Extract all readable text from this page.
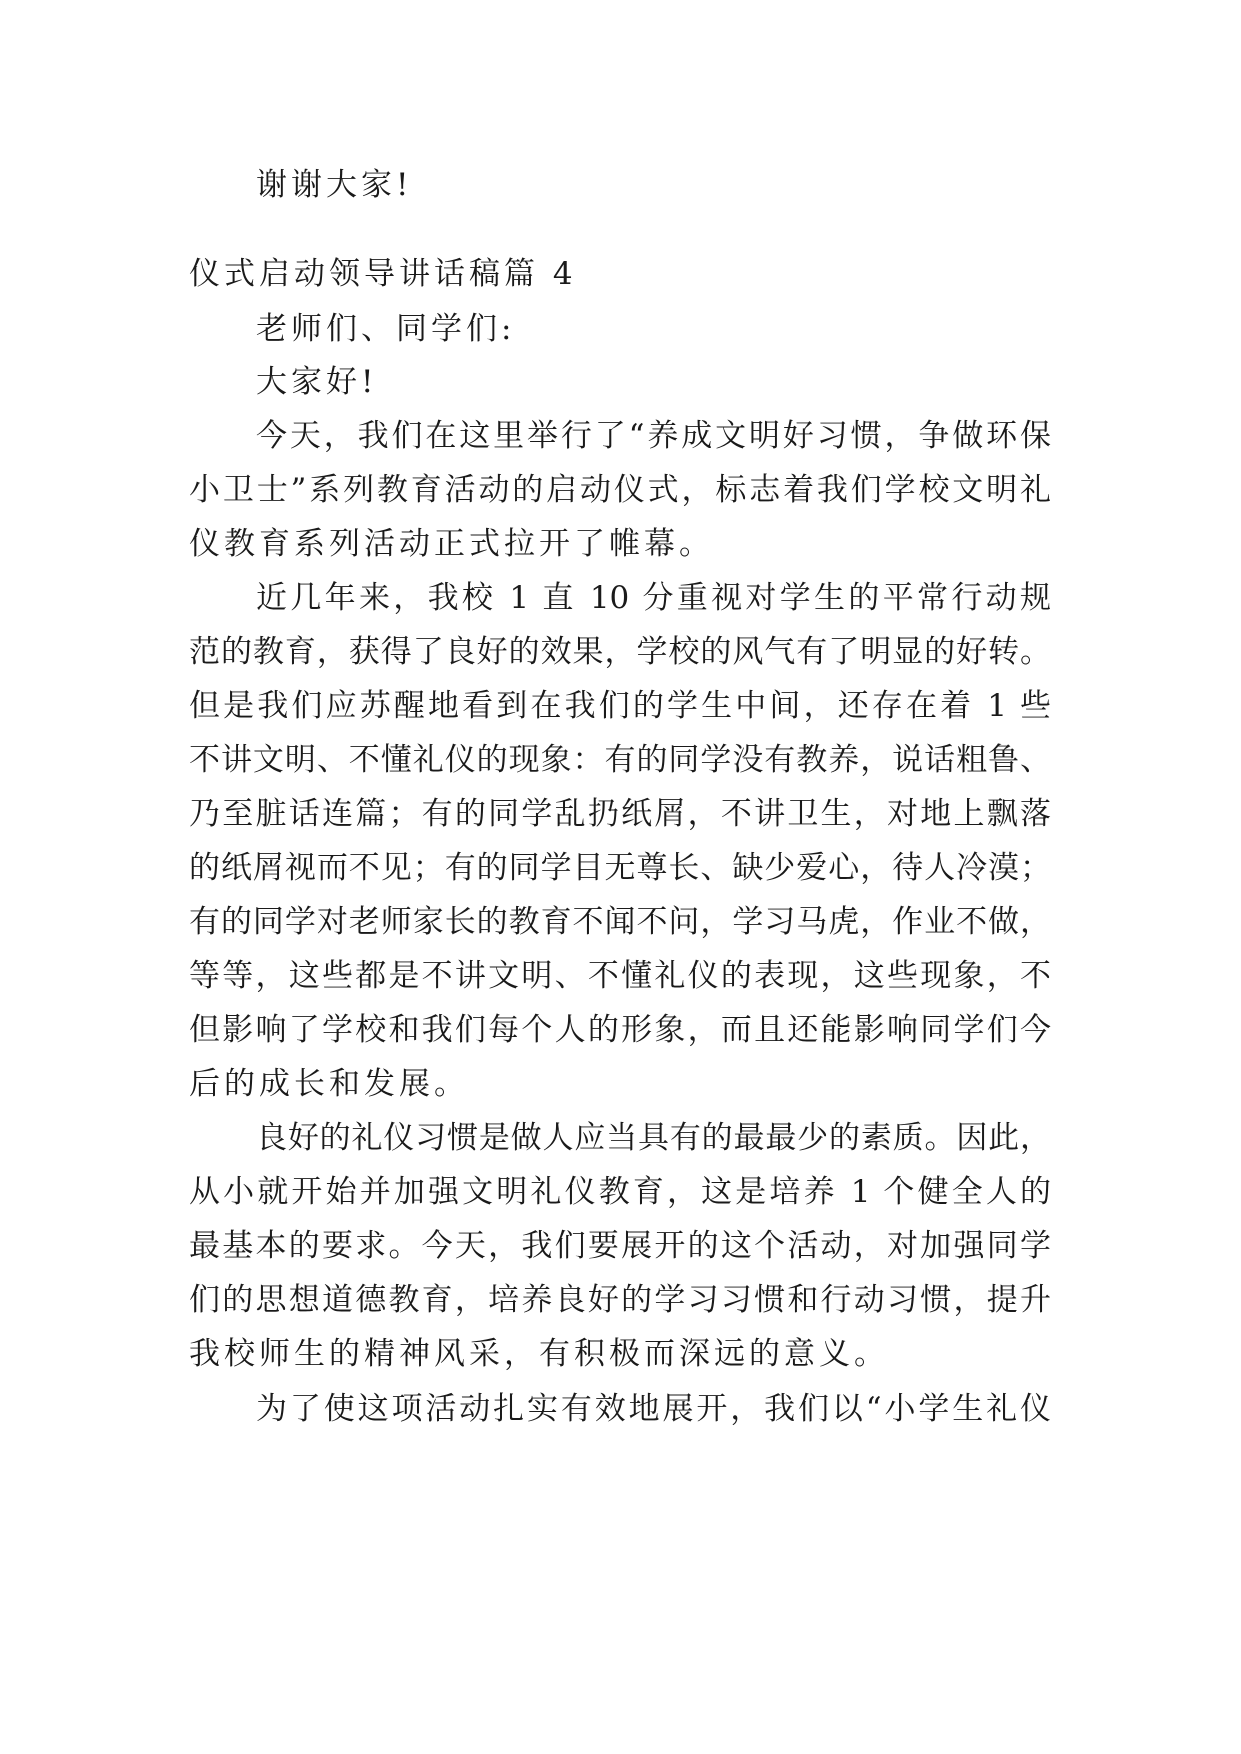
谢谢大家!
仪式启动领导讲话稿篇 4
老师们、同学们:
大家好!
今天，我们在这里举行了“养成文明好习惯，争做环保
小卫士”系列教育活动的启动仪式，标志着我们学校文明礼
仪教育系列活动正式拉开了帷幕。
近几年来，我校 1 直 10 分重视对学生的平常行动规
范的教育，获得了良好的效果，学校的风气有了明显的好转。
但是我们应苏醒地看到在我们的学生中间，还存在着 1 些
不讲文明、不懂礼仪的现象：有的同学没有教养，说话粗鲁、
乃至脏话连篇；有的同学乱扔纸屑，不讲卫生，对地上飘落
的纸屑视而不见；有的同学目无尊长、缺少爱心，待人冷漠；
有的同学对老师家长的教育不闻不问，学习马虎，作业不做，
等等，这些都是不讲文明、不懂礼仪的表现，这些现象，不
但影响了学校和我们每个人的形象，而且还能影响同学们今
后的成长和发展。
良好的礼仪习惯是做人应当具有的最最少的素质。因此，
从小就开始并加强文明礼仪教育，这是培养 1 个健全人的
最基本的要求。今天，我们要展开的这个活动，对加强同学
们的思想道德教育，培养良好的学习习惯和行动习惯，提升
我校师生的精神风采，有积极而深远的意义。
为了使这项活动扎实有效地展开，我们以“小学生礼仪
